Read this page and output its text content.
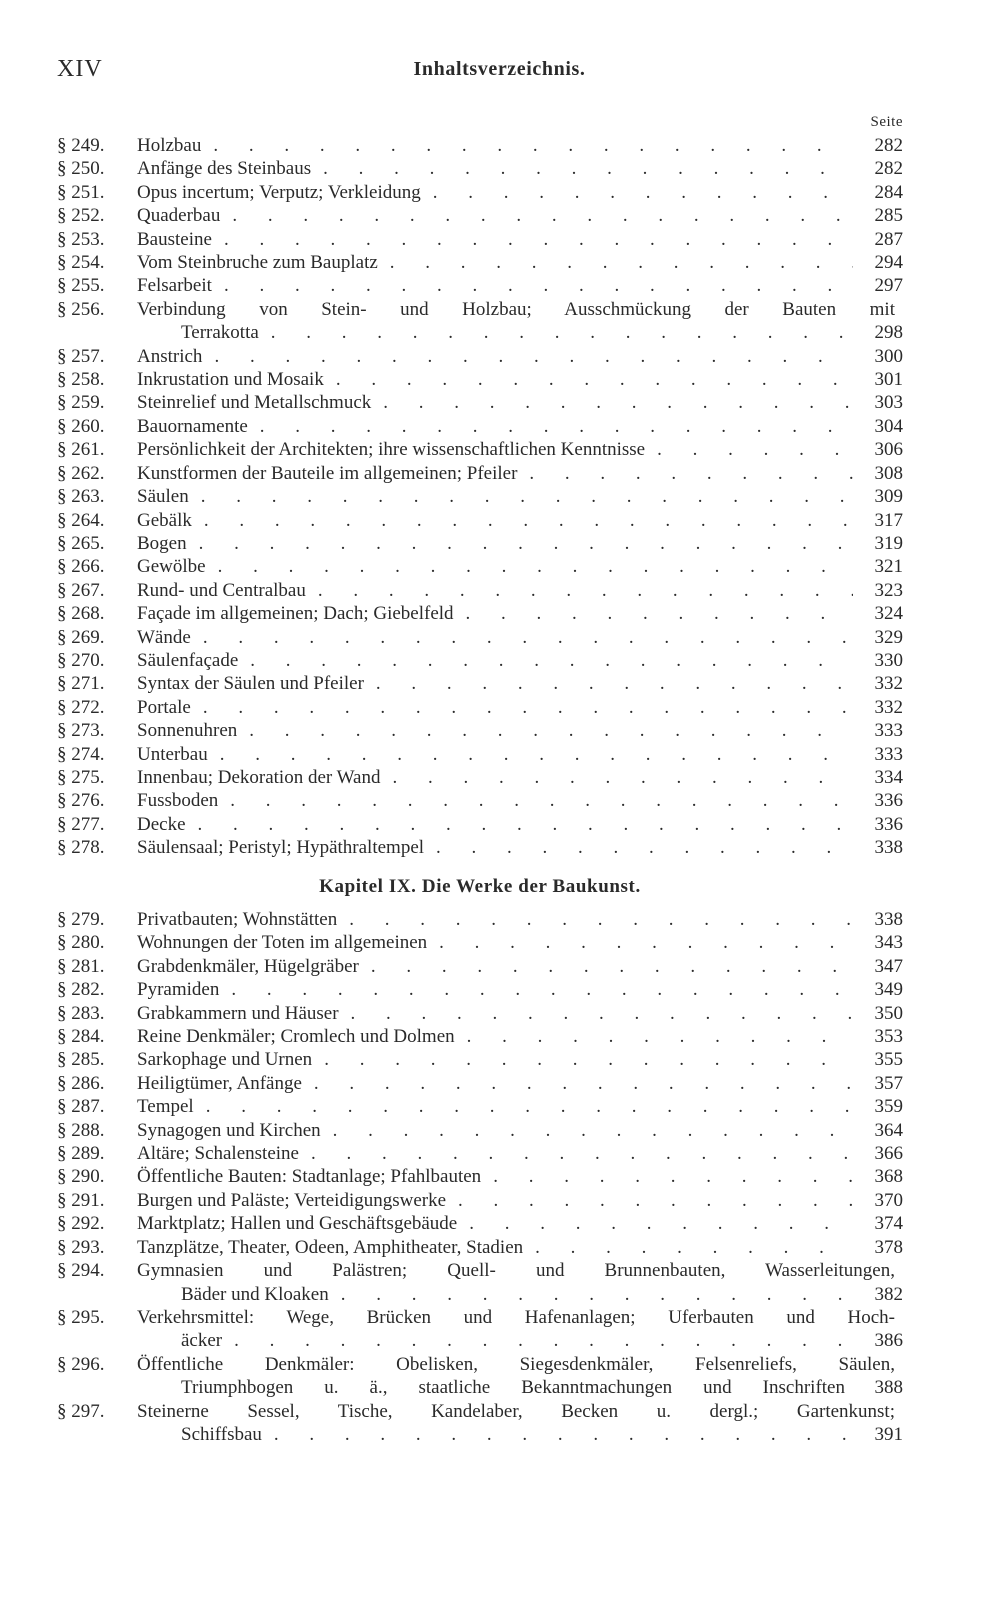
XIV	Inhaltsverzeichnis.
Seite
§ 249.	Holzbau . . .	282
§ 250.	Anfänge des Steinbaus . . .	282
§ 251.	Opus incertum; Verputz; Verkleidung . . .	284
§ 252.	Quaderbau . . .	285
§ 253.	Bausteine . . .	287
§ 254.	Vom Steinbruche zum Bauplatz . . .	294
§ 255.	Felsarbeit . . .	297
§ 256.	Verbindung von Stein- und Holzbau; Ausschmückung der Bauten mit
Terrakotta . . .	298
§ 257.	Anstrich . . .	300
§ 258.	Inkrustation und Mosaik . . .	301
§ 259.	Steinrelief und Metallschmuck . . .	303
§ 260.	Bauornamente . . .	304
§ 261.	Persönlichkeit der Architekten; ihre wissenschaftlichen Kenntnisse . . .	306
§ 262.	Kunstformen der Bauteile im allgemeinen; Pfeiler . . .	308
§ 263.	Säulen . . .	309
§ 264.	Gebälk . . .	317
§ 265.	Bogen . . .	319
§ 266.	Gewölbe . . .	321
§ 267.	Rund- und Centralbau . . .	323
§ 268.	Façade im allgemeinen; Dach; Giebelfeld . . .	324
§ 269.	Wände . . .	329
§ 270.	Säulenfaçade . . .	330
§ 271.	Syntax der Säulen und Pfeiler . . .	332
§ 272.	Portale . . .	332
§ 273.	Sonnenuhren . . .	333
§ 274.	Unterbau . . .	333
§ 275.	Innenbau; Dekoration der Wand . . .	334
§ 276.	Fussboden . . .	336
§ 277.	Decke . . .	336
§ 278.	Säulensaal; Peristyl; Hypäthraltempel . . .	338
Kapitel IX. Die Werke der Baukunst.
§ 279.	Privatbauten; Wohnstätten . . .	338
§ 280.	Wohnungen der Toten im allgemeinen . . .	343
§ 281.	Grabdenkmäler, Hügelgräber . . .	347
§ 282.	Pyramiden . . .	349
§ 283.	Grabkammern und Häuser . . .	350
§ 284.	Reine Denkmäler; Cromlech und Dolmen . . .	353
§ 285.	Sarkophage und Urnen . . .	355
§ 286.	Heiligtümer, Anfänge . . .	357
§ 287.	Tempel . . .	359
§ 288.	Synagogen und Kirchen . . .	364
§ 289.	Altäre; Schalensteine . . .	366
§ 290.	Öffentliche Bauten: Stadtanlage; Pfahlbauten . . .	368
§ 291.	Burgen und Paläste; Verteidigungswerke . . .	370
§ 292.	Marktplatz; Hallen und Geschäftsgebäude . . .	374
§ 293.	Tanzplätze, Theater, Odeen, Amphitheater, Stadien . . .	378
§ 294.	Gymnasien und Palästren; Quell- und Brunnenbauten, Wasserleitungen,
Bäder und Kloaken . . .	382
§ 295.	Verkehrsmittel: Wege, Brücken und Hafenanlagen; Uferbauten und Hoch-
äcker . . .	386
§ 296.	Öffentliche Denkmäler: Obelisken, Siegesdenkmäler, Felsenreliefs, Säulen,
Triumphbogen u. ä., staatliche Bekanntmachungen und Inschriften	388
§ 297.	Steinerne Sessel, Tische, Kandelaber, Becken u. dergl.; Gartenkunst;
Schiffsbau . . .	391
